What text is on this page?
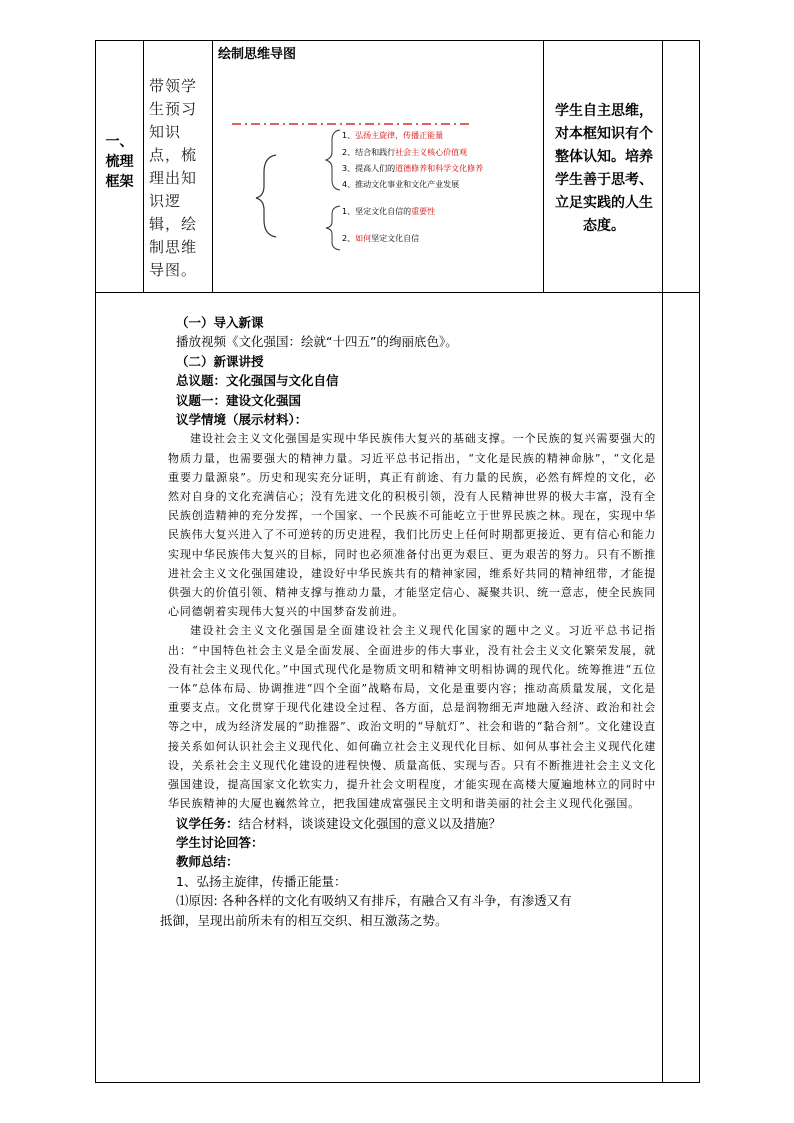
一、
梳理
框架
带领学生预习知识点，梳理出知识逻辑，绘制思维导图。
绘制思维导图
1、弘扬主旋律，传播正能量
2、结合和践行社会主义核心价值观
3、提高人们的道德修养和科学文化修养
4、推动文化事业和文化产业发展
1、坚定文化自信的重要性
2、如何坚定文化自信
学生自主思维，对本框知识有个整体认知。培养学生善于思考、立足实践的人生态度。

（一）导入新课

播放视频《文化强国：绘就“十四五”的绚丽底色》。

（二）新课讲授

总议题：文化强国与文化自信

议题一：建设文化强国

议学情境（展示材料）：

建设社会主义文化强国是实现中华民族伟大复兴的基础支撑。一个民族的复兴需要强大的物质力量，也需要强大的精神力量。习近平总书记指出，“文化是民族的精神命脉”，“文化是重要力量源泉”。历史和现实充分证明，真正有前途、有力量的民族，必然有辉煌的文化，必然对自身的文化充满信心；没有先进文化的积极引领，没有人民精神世界的极大丰富，没有全民族创造精神的充分发挥，一个国家、一个民族不可能屹立于世界民族之林。现在，实现中华民族伟大复兴进入了不可逆转的历史进程，我们比历史上任何时期都更接近、更有信心和能力实现中华民族伟大复兴的目标，同时也必须准备付出更为艰巨、更为艰苦的努力。只有不断推进社会主义文化强国建设，建设好中华民族共有的精神家园，维系好共同的精神纽带，才能提供强大的价值引领、精神支撑与推动力量，才能坚定信心、凝聚共识、统一意志，使全民族同心同德朝着实现伟大复兴的中国梦奋发前进。

建设社会主义文化强国是全面建设社会主义现代化国家的题中之义。习近平总书记指出：“中国特色社会主义是全面发展、全面进步的伟大事业，没有社会主义文化繁荣发展，就没有社会主义现代化。”中国式现代化是物质文明和精神文明相协调的现代化。统筹推进“五位一体”总体布局、协调推进“四个全面”战略布局，文化是重要内容；推动高质量发展，文化是重要支点。文化贯穿于现代化建设全过程、各方面，总是润物细无声地融入经济、政治和社会等之中，成为经济发展的“助推器”、政治文明的“导航灯”、社会和谐的“黏合剂”。文化建设直接关系如何认识社会主义现代化、如何确立社会主义现代化目标、如何从事社会主义现代化建设，关系社会主义现代化建设的进程快慢、质量高低、实现与否。只有不断推进社会主义文化强国建设，提高国家文化软实力，提升社会文明程度，才能实现在高楼大厦遍地林立的同时中华民族精神的大厦也巍然耸立，把我国建成富强民主文明和谐美丽的社会主义现代化强国。

议学任务：结合材料，谈谈建设文化强国的意义以及措施？

学生讨论回答：

教师总结：

1、弘扬主旋律，传播正能量：

⑴原因: 各种各样的文化有吸纳又有排斥，有融合又有斗争，有渗透又有

抵御，呈现出前所未有的相互交织、相互激荡之势。
